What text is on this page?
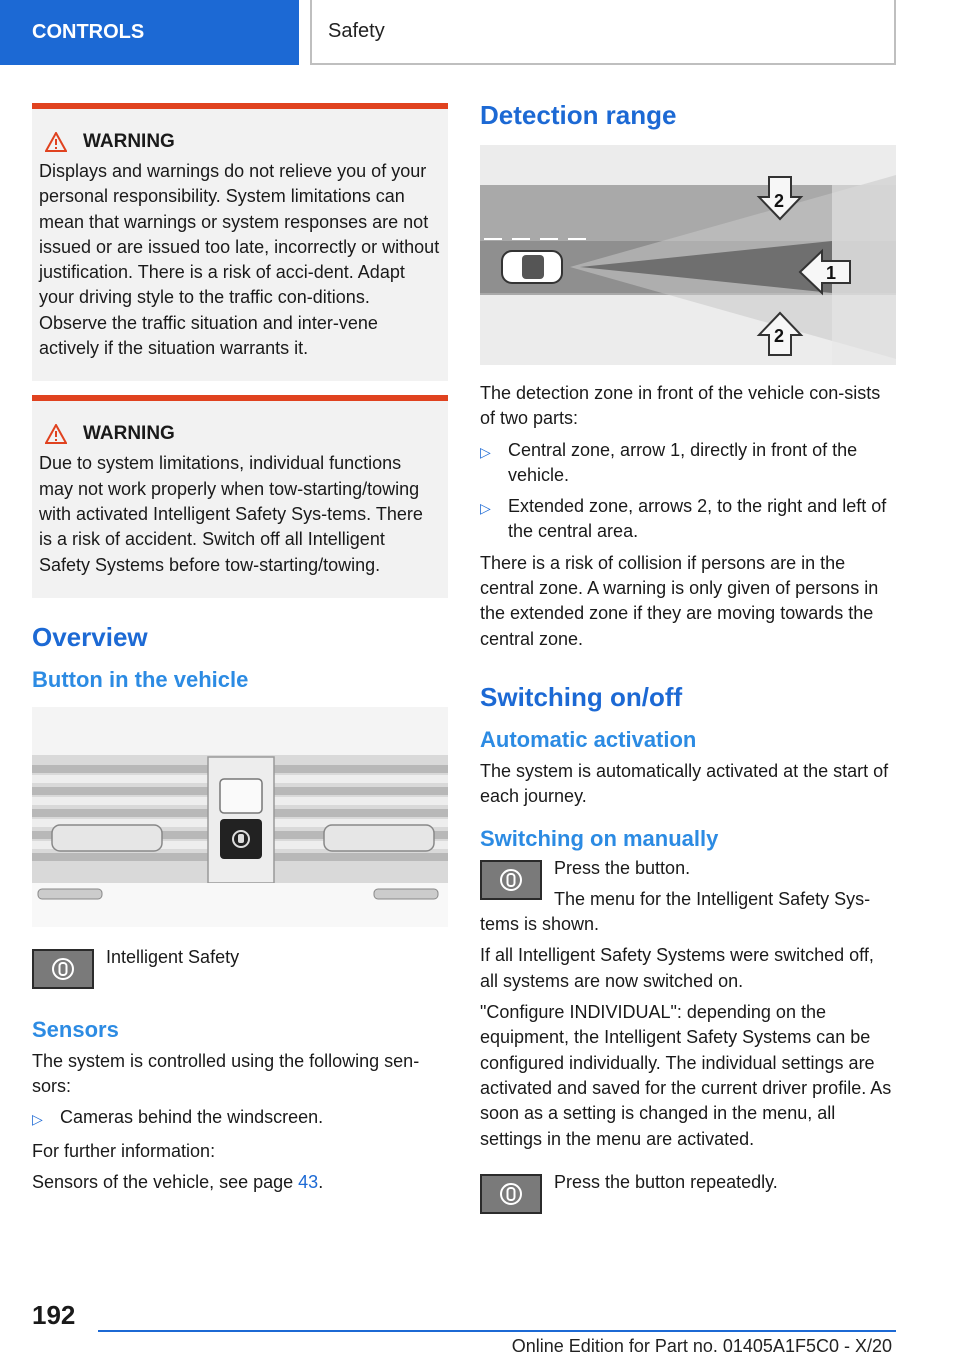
CONTROLS	Safety
WARNING
Displays and warnings do not relieve you of your personal responsibility. System limitations can mean that warnings or system responses are not issued or are issued too late, incorrectly or without justification. There is a risk of acci‐dent. Adapt your driving style to the traffic con‐ditions. Observe the traffic situation and inter‐vene actively if the situation warrants it.
WARNING
Due to system limitations, individual functions may not work properly when tow-starting/towing with activated Intelligent Safety Sys‐tems. There is a risk of accident. Switch off all Intelligent Safety Systems before tow-starting/towing.
Overview
Button in the vehicle

Intelligent Safety

Sensors

The system is controlled using the following sen‐sors:

▷ Cameras behind the windscreen.

For further information:

Sensors of the vehicle, see page 43.

Detection range
1
2
2

The detection zone in front of the vehicle con‐sists of two parts:

▷ Central zone, arrow 1, directly in front of the vehicle.
▷ Extended zone, arrows 2, to the right and left of the central area.

There is a risk of collision if persons are in the central zone. A warning is only given of persons in the extended zone if they are moving towards the central zone.

Switching on/off
Automatic activation

The system is automatically activated at the start of each journey.

Switching on manually

Press the button.

The menu for the Intelligent Safety Sys‐

tems is shown.

If all Intelligent Safety Systems were switched off, all systems are now switched on.

"Configure INDIVIDUAL": depending on the equipment, the Intelligent Safety Systems can be configured individually. The individual settings are activated and saved for the current driver profile. As soon as a setting is changed in the menu, all settings in the menu are activated.

Press the button repeatedly.

192
Online Edition for Part no. 01405A1F5C0 - X/20
